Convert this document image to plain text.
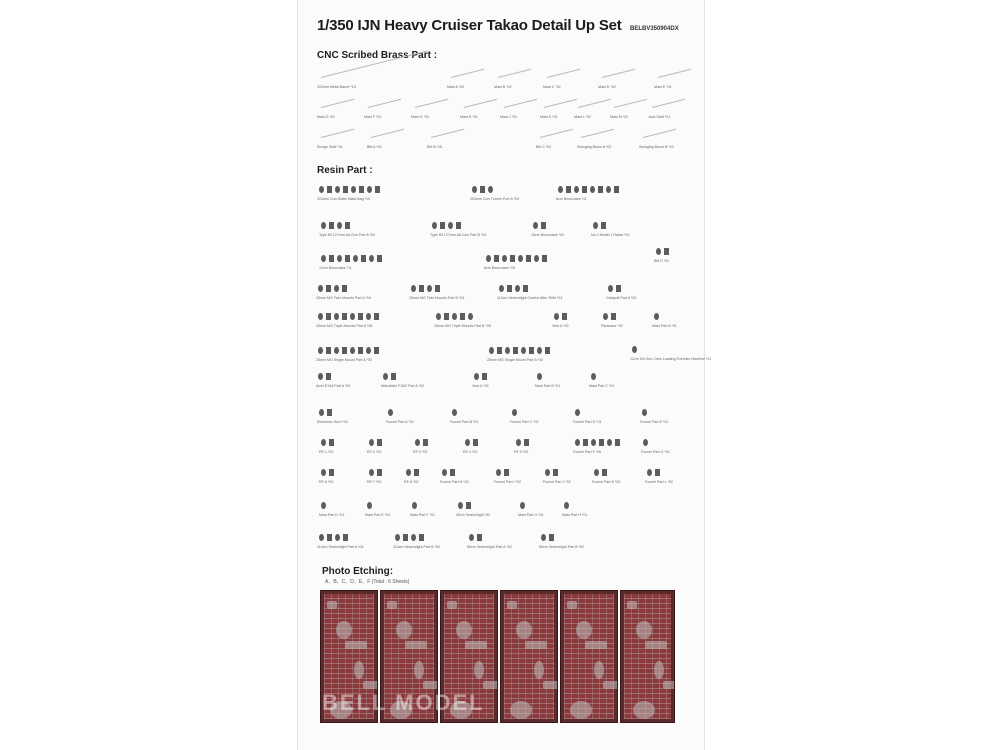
1/350 IJN Heavy Cruiser Takao Detail Up Set BELBV350904DX
CNC Scribed Brass Part :
203mm Metal Barrel *10	Mast A *02	Mast B *02	Mast C *02	Mast D *02	Mast E *01
Mast G *01	Mast F *01	Mast G *03	Mast H *01	Mast J *01	Mast K *01	Mast L *02	Mast M *02	Jack Staff *01
Ensign Staff *01	Bitt A *02	Bitt B *16	Bitt C *02	Swinging Boom A *02	Swinging Boom B *02
Resin Part :
203mm Gun Water Blast Bag *10	203mm Gun Turrets Port A *03	6cm Binoculars *11
Type 89 127mm AA Gun Part A *04	Type 89 127mm AA Gun Part B *04	18cm Binoculars *02	No.2 Model 1 Radar *02
12cm Binoculars *11	8cm Binoculars *19
Bitt D *02
25mm MG Twin Mounts Part A *04	25mm MG Twin Mounts Part B *04	110cm Searchlight Control After Refit *04	Catapult Part A *02
25mm MG Triple Mounts Part A *08	25mm MG Triple Mounts Part B *05	Vent A *02	Paravane *02	Mast Part A *01
25mm MG Single Mount Part A *30	25mm MG Single Mount Part B *30	12cm HA Gun Crew Loading Exercise Machine *01
Aichi E13A Part A *02	Mitsubishi F1M2 Part A *02	Vent A *02	Mast Part B *01	Mast Part C *01
Electronic Horn *02	Funnel Part A *01	Funnel Part B *01	Funnel Part C *01	Funnel Part D *01	Funnel Part E *01
RF-1 *02	RF-2 *02	RF-3 *02	RF-4 *02	RF-5 *02	Funnel Part F *06	Funnel Part G *01
RF-6 *02	RF-7 *02	RF-8 *02	Funnel Part H *02	Funnel Part I *02	Funnel Part J *02	Funnel Part K *02	Funnel Part L *02
Mast Part D *01	Mast Part E *01	Mast Part F *01	40cm Searchlight *02	Mast Part G *01	Mast Part H *01
110cm Searchlight Part A *04	110cm Searchlight Part B *04	60cm Searchlight Part A *02	60cm Searchlight Part B *02
Photo Etching:
A、B、C、D、E、F (Total : 6 Sheets)
BELL MODEL
